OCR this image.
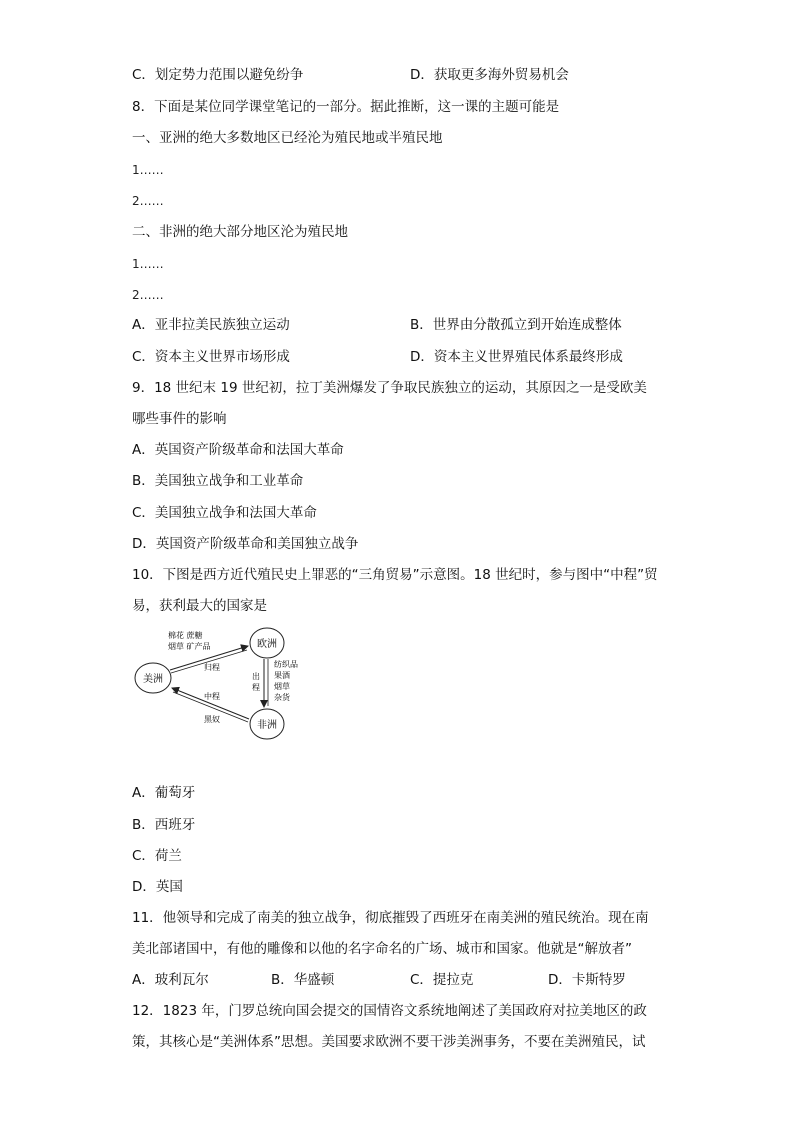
C．划定势力范围以避免纷争	D．获取更多海外贸易机会
8．下面是某位同学课堂笔记的一部分。据此推断，这一课的主题可能是
一、亚洲的绝大多数地区已经沦为殖民地或半殖民地
1……
2……
二、非洲的绝大部分地区沦为殖民地
1……
2……
A．亚非拉美民族独立运动	B．世界由分散孤立到开始连成整体
C．资本主义世界市场形成	D．资本主义世界殖民体系最终形成
9．18 世纪末 19 世纪初，拉丁美洲爆发了争取民族独立的运动，其原因之一是受欧美
哪些事件的影响
A．英国资产阶级革命和法国大革命
B．美国独立战争和工业革命
C．美国独立战争和法国大革命
D．英国资产阶级革命和美国独立战争
10．下图是西方近代殖民史上罪恶的“三角贸易”示意图。18 世纪时，参与图中“中程”贸
易，获利最大的国家是
欧洲
美洲
非洲
棉花 蔗糖
烟草 矿产品
归程
出
程
纺织品
果酒
烟草
杂货
中程
黑奴
A．葡萄牙
B．西班牙
C．荷兰
D．英国
11．他领导和完成了南美的独立战争，彻底摧毁了西班牙在南美洲的殖民统治。现在南
美北部诸国中，有他的雕像和以他的名字命名的广场、城市和国家。他就是“解放者”
A．玻利瓦尔	B．华盛顿	C．提拉克	D．卡斯特罗
12．1823 年，门罗总统向国会提交的国情咨文系统地阐述了美国政府对拉美地区的政
策，其核心是“美洲体系”思想。美国要求欧洲不要干涉美洲事务，不要在美洲殖民，试
